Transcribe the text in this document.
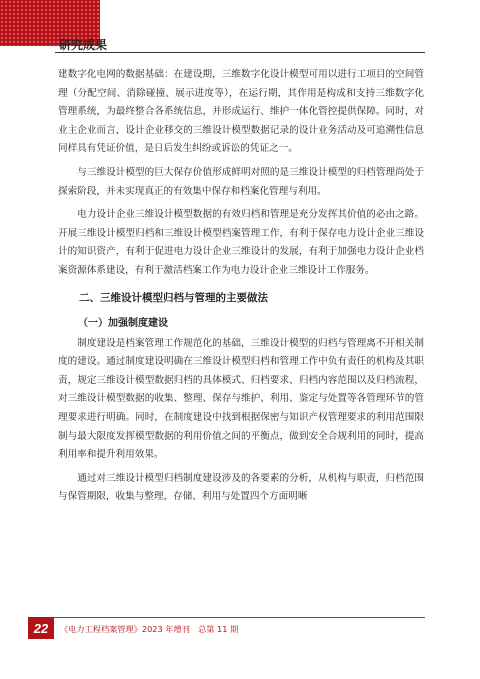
研究成果

建数字化电网的数据基础：在建设期，三维数字化设计模型可用以进行工项目的空间管理（分配空间、消除碰撞、展示进度等），在运行期，其作用是构成和支持三维数字化管理系统，为最终整合各系统信息，并形成运行、维护一体化管控提供保障。同时，对业主企业而言，设计企业移交的三维设计模型数据记录的设计业务活动及可追溯性信息同样具有凭证价值，是日后发生纠纷或诉讼的凭证之一。

与三维设计模型的巨大保存价值形成鲜明对照的是三维设计模型的归档管理尚处于探索阶段，并未实现真正的有效集中保存和档案化管理与利用。

电力设计企业三维设计模型数据的有效归档和管理是充分发挥其价值的必由之路。开展三维设计模型归档和三维设计模型档案管理工作，有利于保存电力设计企业三维设计的知识资产，有利于促进电力设计企业三维设计的发展，有利于加强电力设计企业档案资源体系建设，有利于激活档案工作为电力设计企业三维设计工作服务。

二、三维设计模型归档与管理的主要做法
（一）加强制度建设

制度建设是档案管理工作规范化的基础，三维设计模型的归档与管理离不开相关制度的建设。通过制度建设明确在三维设计模型归档和管理工作中负有责任的机构及其职责，规定三维设计模型数据归档的具体模式、归档要求、归档内容范围以及归档流程，对三维设计模型数据的收集、整理、保存与维护、利用、鉴定与处置等各管理环节的管理要求进行明确。同时，在制度建设中找到根据保密与知识产权管理要求的利用范围限制与最大限度发挥模型数据的利用价值之间的平衡点，做到安全合规利用的同时，提高利用率和提升利用效果。

通过对三维设计模型归档制度建设涉及的各要素的分析，从机构与职责，归档范围与保管期限，收集与整理，存储、利用与处置四个方面明晰

22	《电力工程档案管理》2023 年增刊　总第 11 期
